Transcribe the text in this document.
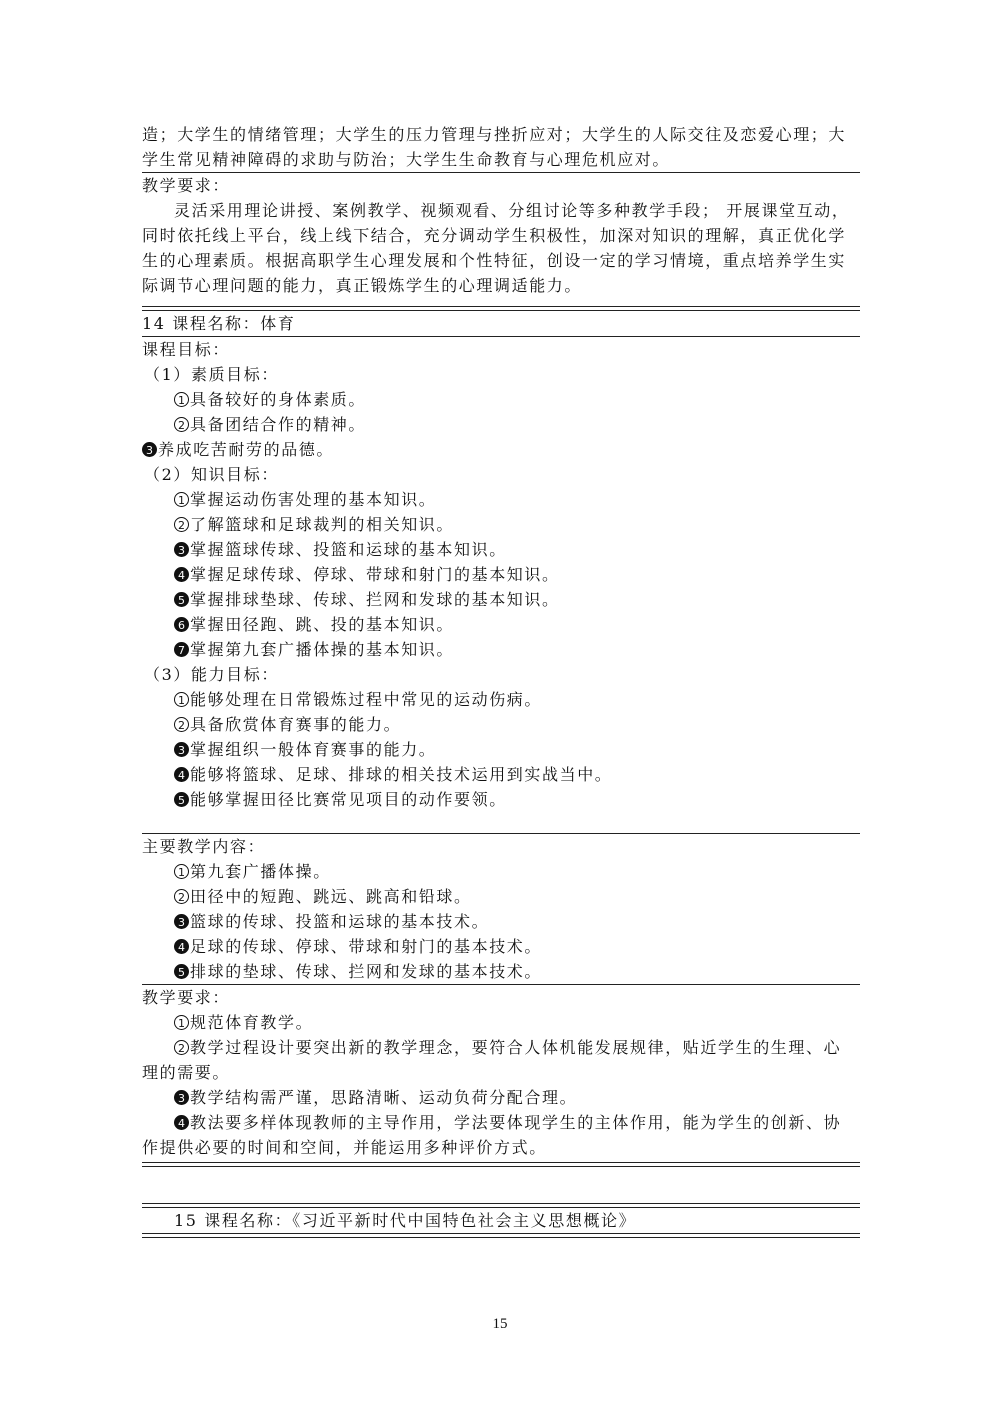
造；大学生的情绪管理；大学生的压力管理与挫折应对；大学生的人际交往及恋爱心理；大
学生常见精神障碍的求助与防治；大学生生命教育与心理危机应对。
教学要求：
灵活采用理论讲授、案例教学、视频观看、分组讨论等多种教学手段； 开展课堂互动，
同时依托线上平台，线上线下结合，充分调动学生积极性，加深对知识的理解，真正优化学
生的心理素质。根据高职学生心理发展和个性特征，创设一定的学习情境，重点培养学生实
际调节心理问题的能力，真正锻炼学生的心理调适能力。
14 课程名称：体育
课程目标：
（1）素质目标：
1 具备较好的身体素质。
2 具备团结合作的精神。
3 养成吃苦耐劳的品德。
（2）知识目标：
1 掌握运动伤害处理的基本知识。
2 了解篮球和足球裁判的相关知识。
3 掌握篮球传球、投篮和运球的基本知识。
4 掌握足球传球、停球、带球和射门的基本知识。
5 掌握排球垫球、传球、拦网和发球的基本知识。
6 掌握田径跑、跳、投的基本知识。
7 掌握第九套广播体操的基本知识。
（3）能力目标：
1 能够处理在日常锻炼过程中常见的运动伤病。
2 具备欣赏体育赛事的能力。
3 掌握组织一般体育赛事的能力。
4 能够将篮球、足球、排球的相关技术运用到实战当中。
5 能够掌握田径比赛常见项目的动作要领。
主要教学内容：
1 第九套广播体操。
2 田径中的短跑、跳远、跳高和铅球。
3 篮球的传球、投篮和运球的基本技术。
4 足球的传球、停球、带球和射门的基本技术。
5 排球的垫球、传球、拦网和发球的基本技术。
教学要求：
1 规范体育教学。
2 教学过程设计要突出新的教学理念，要符合人体机能发展规律，贴近学生的生理、心
理的需要。
3 教学结构需严谨，思路清晰、运动负荷分配合理。
4 教法要多样体现教师的主导作用，学法要体现学生的主体作用，能为学生的创新、协
作提供必要的时间和空间，并能运用多种评价方式。
15 课程名称：《习近平新时代中国特色社会主义思想概论》
15
